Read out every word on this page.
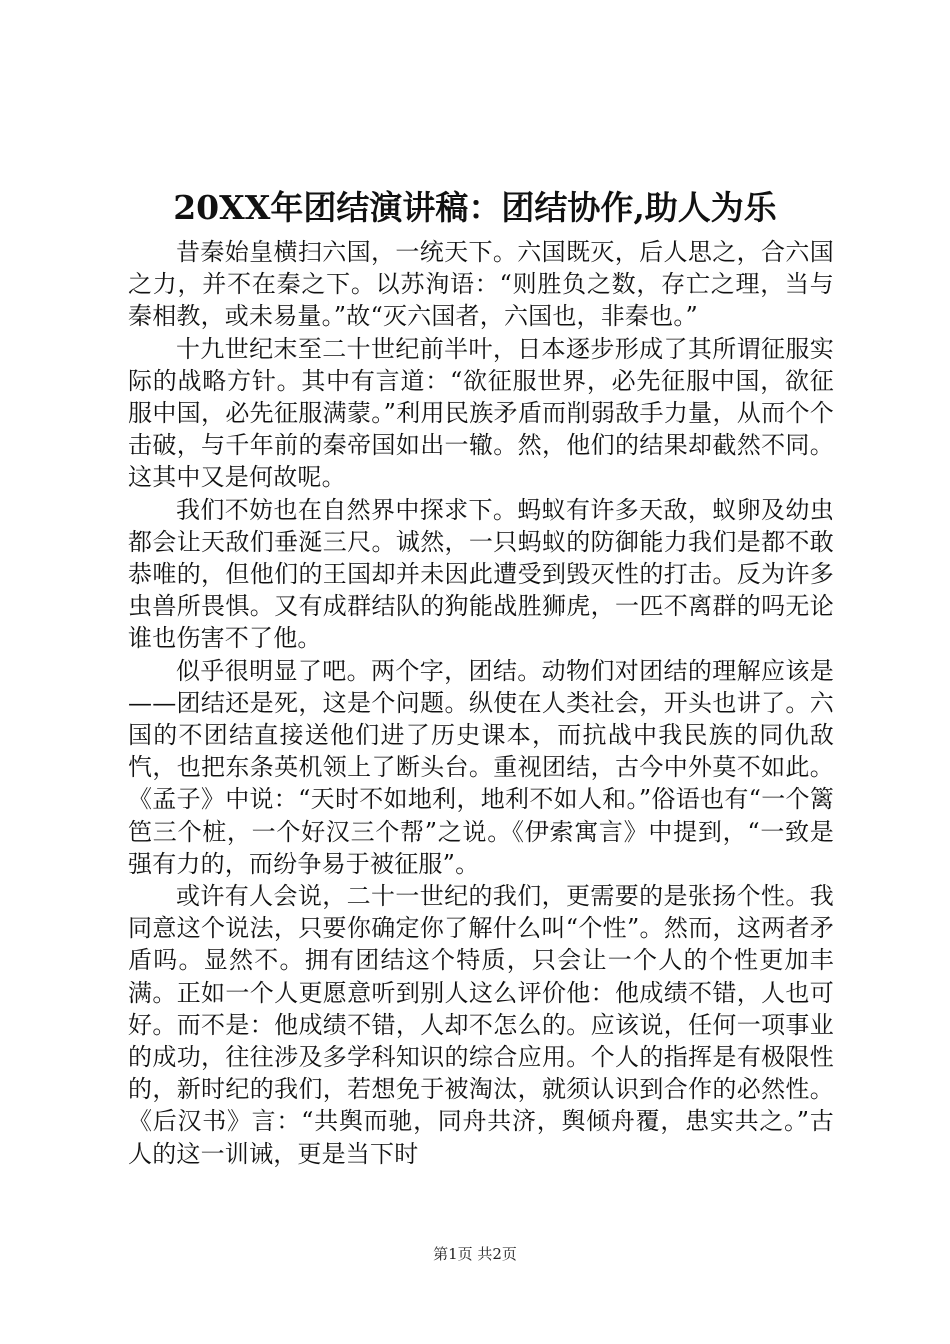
20XX年团结演讲稿：团结协作,助人为乐

昔秦始皇横扫六国，一统天下。六国既灭，后人思之，合六国之力，并不在秦之下。以苏洵语：“则胜负之数，存亡之理，当与秦相教，或未易量。”故“灭六国者，六国也，非秦也。”

十九世纪末至二十世纪前半叶，日本逐步形成了其所谓征服实际的战略方针。其中有言道：“欲征服世界，必先征服中国，欲征服中国，必先征服满蒙。”利用民族矛盾而削弱敌手力量，从而个个击破，与千年前的秦帝国如出一辙。然，他们的结果却截然不同。这其中又是何故呢。

我们不妨也在自然界中探求下。蚂蚁有许多天敌，蚁卵及幼虫都会让天敌们垂涎三尺。诚然，一只蚂蚁的防御能力我们是都不敢恭唯的，但他们的王国却并未因此遭受到毁灭性的打击。反为许多虫兽所畏惧。又有成群结队的狗能战胜狮虎，一匹不离群的吗无论谁也伤害不了他。

似乎很明显了吧。两个字，团结。动物们对团结的理解应该是——团结还是死，这是个问题。纵使在人类社会，开头也讲了。六国的不团结直接送他们进了历史课本，而抗战中我民族的同仇敌忾，也把东条英机领上了断头台。重视团结，古今中外莫不如此。《孟子》中说：“天时不如地利，地利不如人和。”俗语也有“一个篱笆三个桩，一个好汉三个帮”之说。《伊索寓言》中提到，“一致是强有力的，而纷争易于被征服”。

或许有人会说，二十一世纪的我们，更需要的是张扬个性。我同意这个说法，只要你确定你了解什么叫“个性”。然而，这两者矛盾吗。显然不。拥有团结这个特质，只会让一个人的个性更加丰满。正如一个人更愿意听到别人这么评价他：他成绩不错，人也可好。而不是：他成绩不错，人却不怎么的。应该说，任何一项事业的成功，往往涉及多学科知识的综合应用。个人的指挥是有极限性的，新时纪的我们，若想免于被淘汰，就须认识到合作的必然性。《后汉书》言：“共舆而驰，同舟共济，舆倾舟覆，患实共之。”古人的这一训诫，更是当下时

第1页 共2页
